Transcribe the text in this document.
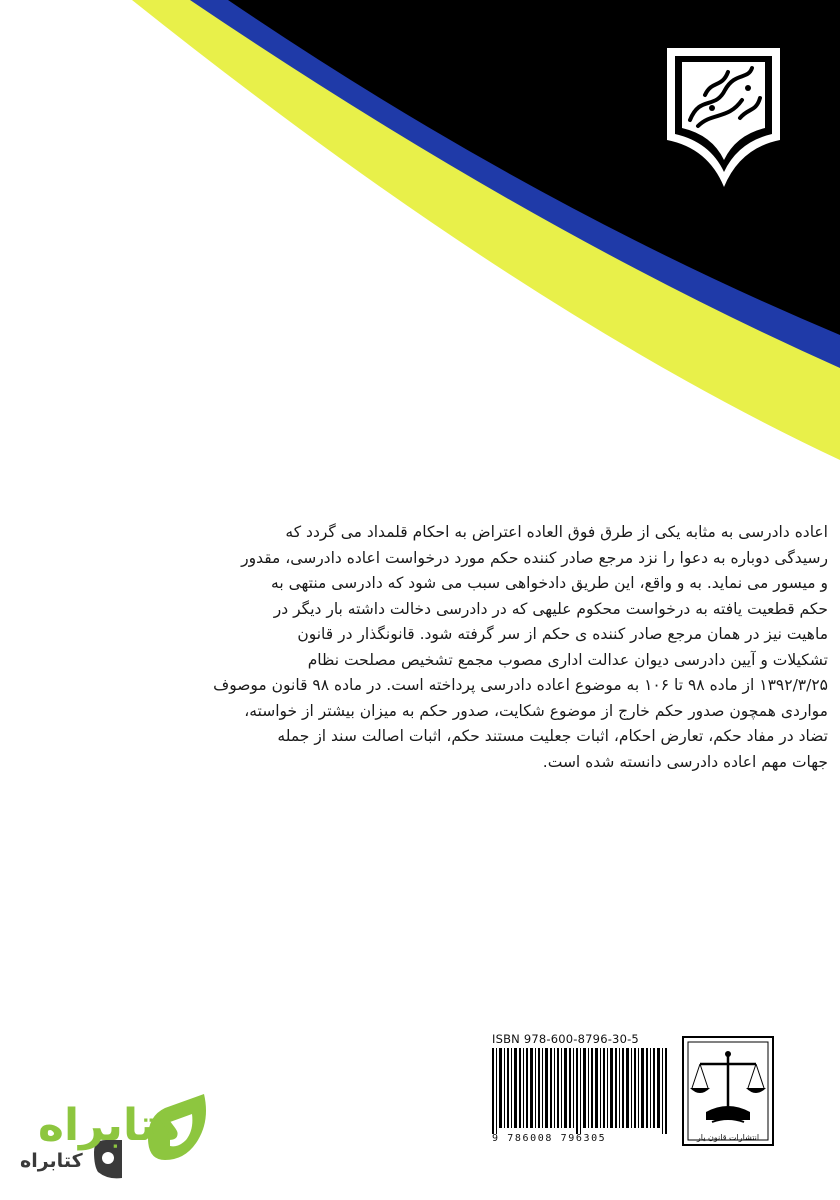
اعاده دادرسی به مثابه یکی از طرق فوق العاده اعتراض به احکام قلمداد می گردد که
رسیدگی دوباره به دعوا را نزد مرجع صادر کننده حکم مورد درخواست اعاده دادرسی، مقدور
و میسور می نماید. به و واقع، این طریق دادخواهی سبب می شود که دادرسی منتهی به
حکم قطعیت یافته به درخواست محکوم علیهی که در دادرسی دخالت داشته بار دیگر در
ماهیت نیز در همان مرجع صادر کننده ی حکم از سر گرفته شود. قانونگذار در قانون
تشکیلات و آیین دادرسی دیوان عدالت اداری مصوب مجمع تشخیص مصلحت نظام
۱۳۹۲/۳/۲۵ از ماده ۹۸ تا ۱۰۶ به موضوع اعاده دادرسی پرداخته است. در ماده ۹۸ قانون موصوف
مواردی همچون صدور حکم خارج از موضوع شکایت، صدور حکم به میزان بیشتر از خواسته،
تضاد در مفاد حکم، تعارض احکام، اثبات جعلیت مستند حکم، اثبات اصالت سند از جمله
جهات مهم اعاده دادرسی دانسته شده است.
ISBN 978-600-8796-30-5
9 786008 796305	انتشارات قانون یار
کتابراه
کتابراه
